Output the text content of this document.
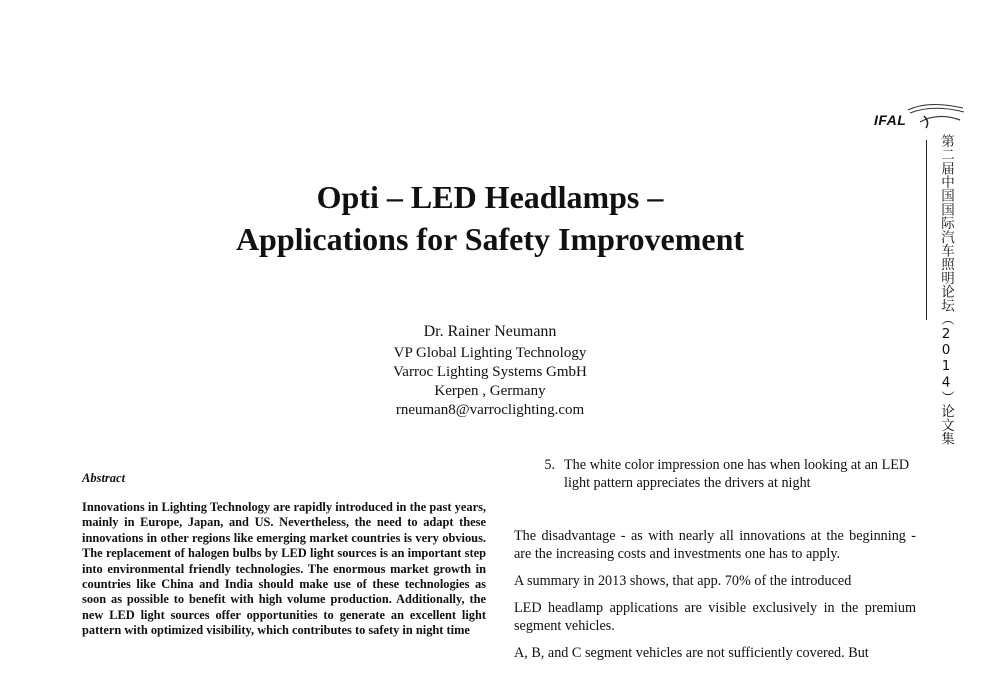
IFAL
第二届中国国际汽车照明论坛（2014）论文集
Opti – LED Headlamps –
Applications for Safety Improvement
Dr. Rainer Neumann
VP Global Lighting Technology
Varroc Lighting Systems GmbH
Kerpen , Germany
rneuman8@varroclighting.com
Abstract

Innovations in Lighting Technology are rapidly introduced in the past years, mainly in Europe, Japan, and US. Nevertheless, the need to adapt these innovations in other regions like emerging market countries is very obvious. The replacement of halogen bulbs by LED light sources is an important step into environmental friendly technologies. The enormous market growth in countries like China and India should make use of these technologies as soon as possible to benefit with high volume production. Additionally, the new LED light sources offer opportunities to generate an excellent light pattern with optimized visibility, which contributes to safety in night time

5. The white color impression one has when looking at an LED light pattern appreciates the drivers at night

The disadvantage - as with nearly all innovations at the beginning - are the increasing costs and investments one has to apply.

A summary in 2013 shows, that app. 70% of the introduced

LED headlamp applications are visible exclusively in the premium segment vehicles.

A, B, and C segment vehicles are not sufficiently covered. But
